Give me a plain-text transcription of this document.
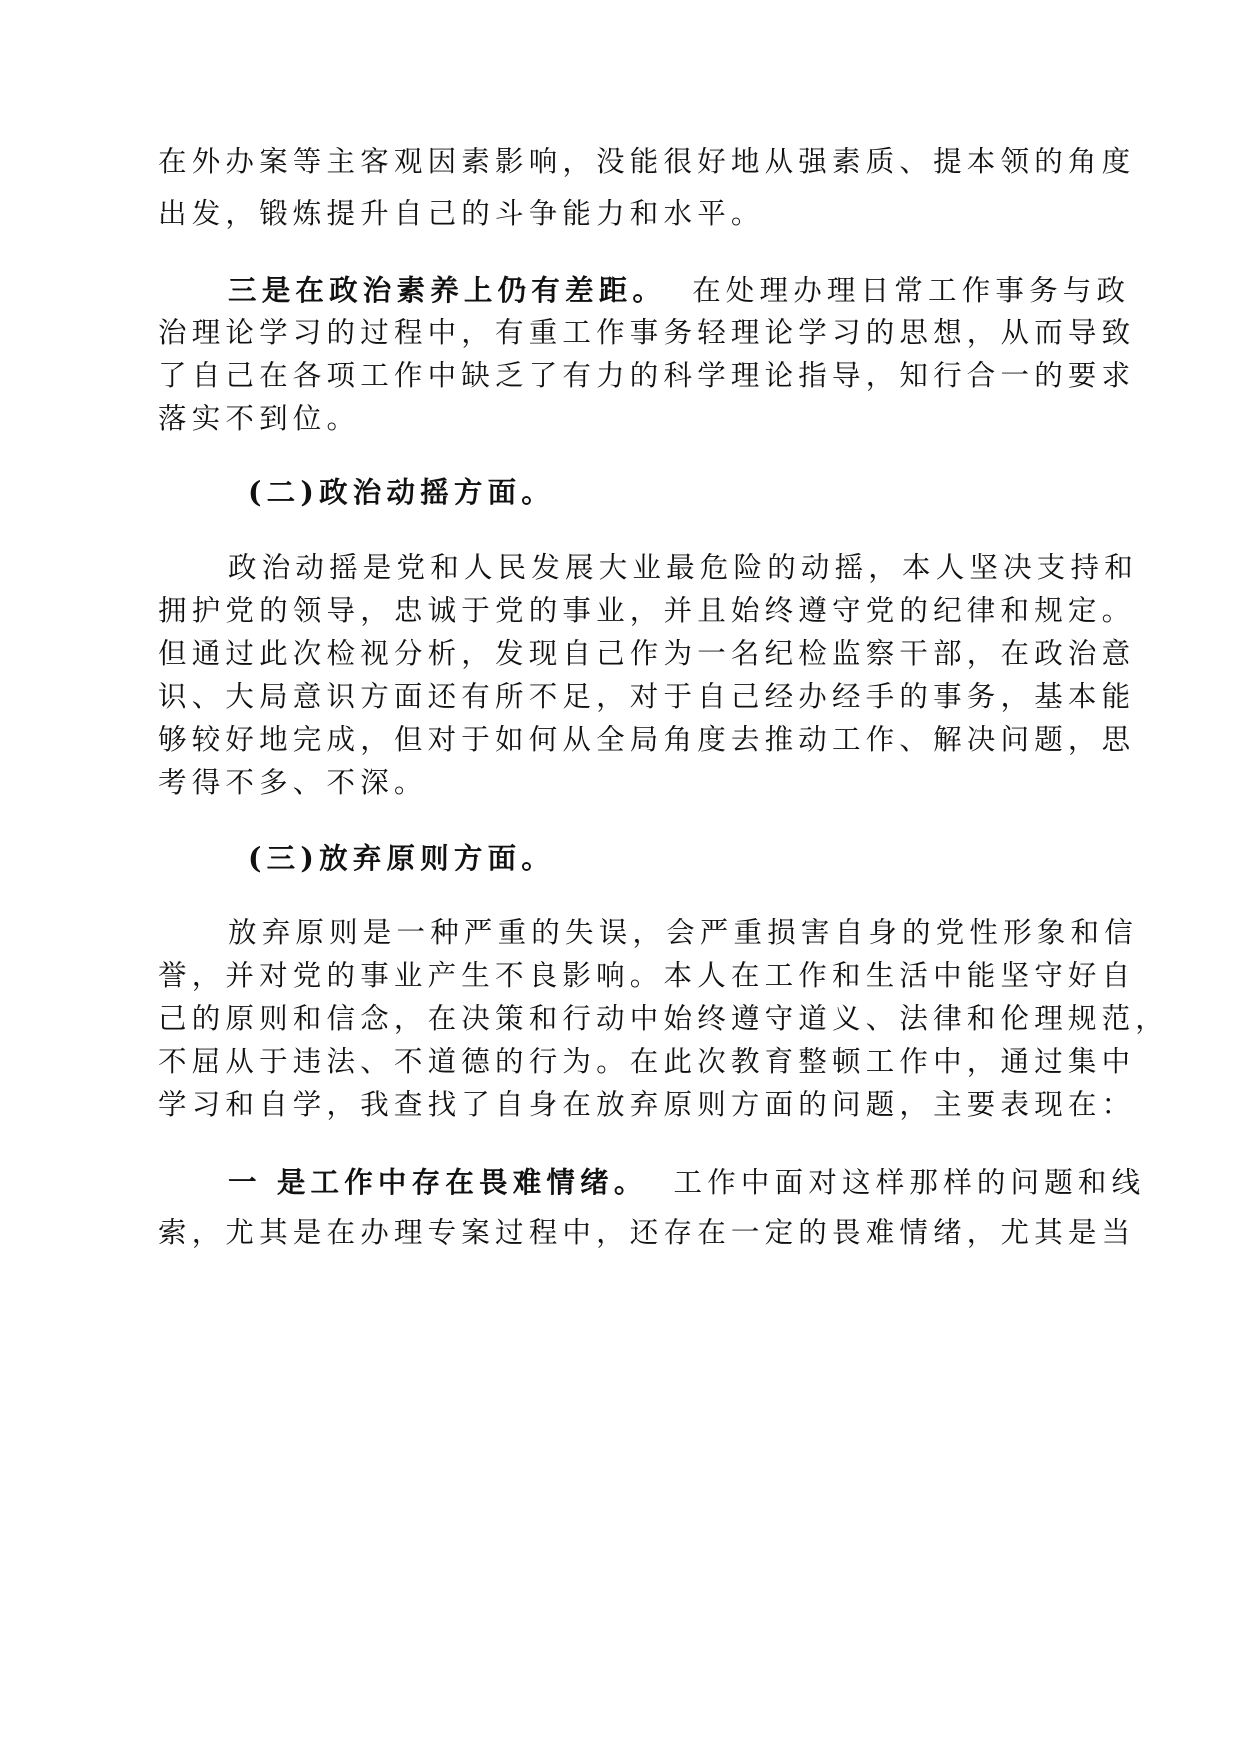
在外办案等主客观因素影响，没能很好地从强素质、提本领的角度

出发，锻炼提升自己的斗争能力和水平。

三是在政治素养上仍有差距。 在处理办理日常工作事务与政

治理论学习的过程中，有重工作事务轻理论学习的思想，从而导致

了自己在各项工作中缺乏了有力的科学理论指导，知行合一的要求

落实不到位。

(二)政治动摇方面。

政治动摇是党和人民发展大业最危险的动摇，本人坚决支持和

拥护党的领导，忠诚于党的事业，并且始终遵守党的纪律和规定。

但通过此次检视分析，发现自己作为一名纪检监察干部，在政治意

识、大局意识方面还有所不足，对于自己经办经手的事务，基本能

够较好地完成，但对于如何从全局角度去推动工作、解决问题，思

考得不多、不深。

(三)放弃原则方面。

放弃原则是一种严重的失误，会严重损害自身的党性形象和信

誉，并对党的事业产生不良影响。本人在工作和生活中能坚守好自

己的原则和信念，在决策和行动中始终遵守道义、法律和伦理规范，

不屈从于违法、不道德的行为。在此次教育整顿工作中，通过集中

学习和自学，我查找了自身在放弃原则方面的问题，主要表现在：

一 是工作中存在畏难情绪。 工作中面对这样那样的问题和线

索，尤其是在办理专案过程中，还存在一定的畏难情绪，尤其是当
